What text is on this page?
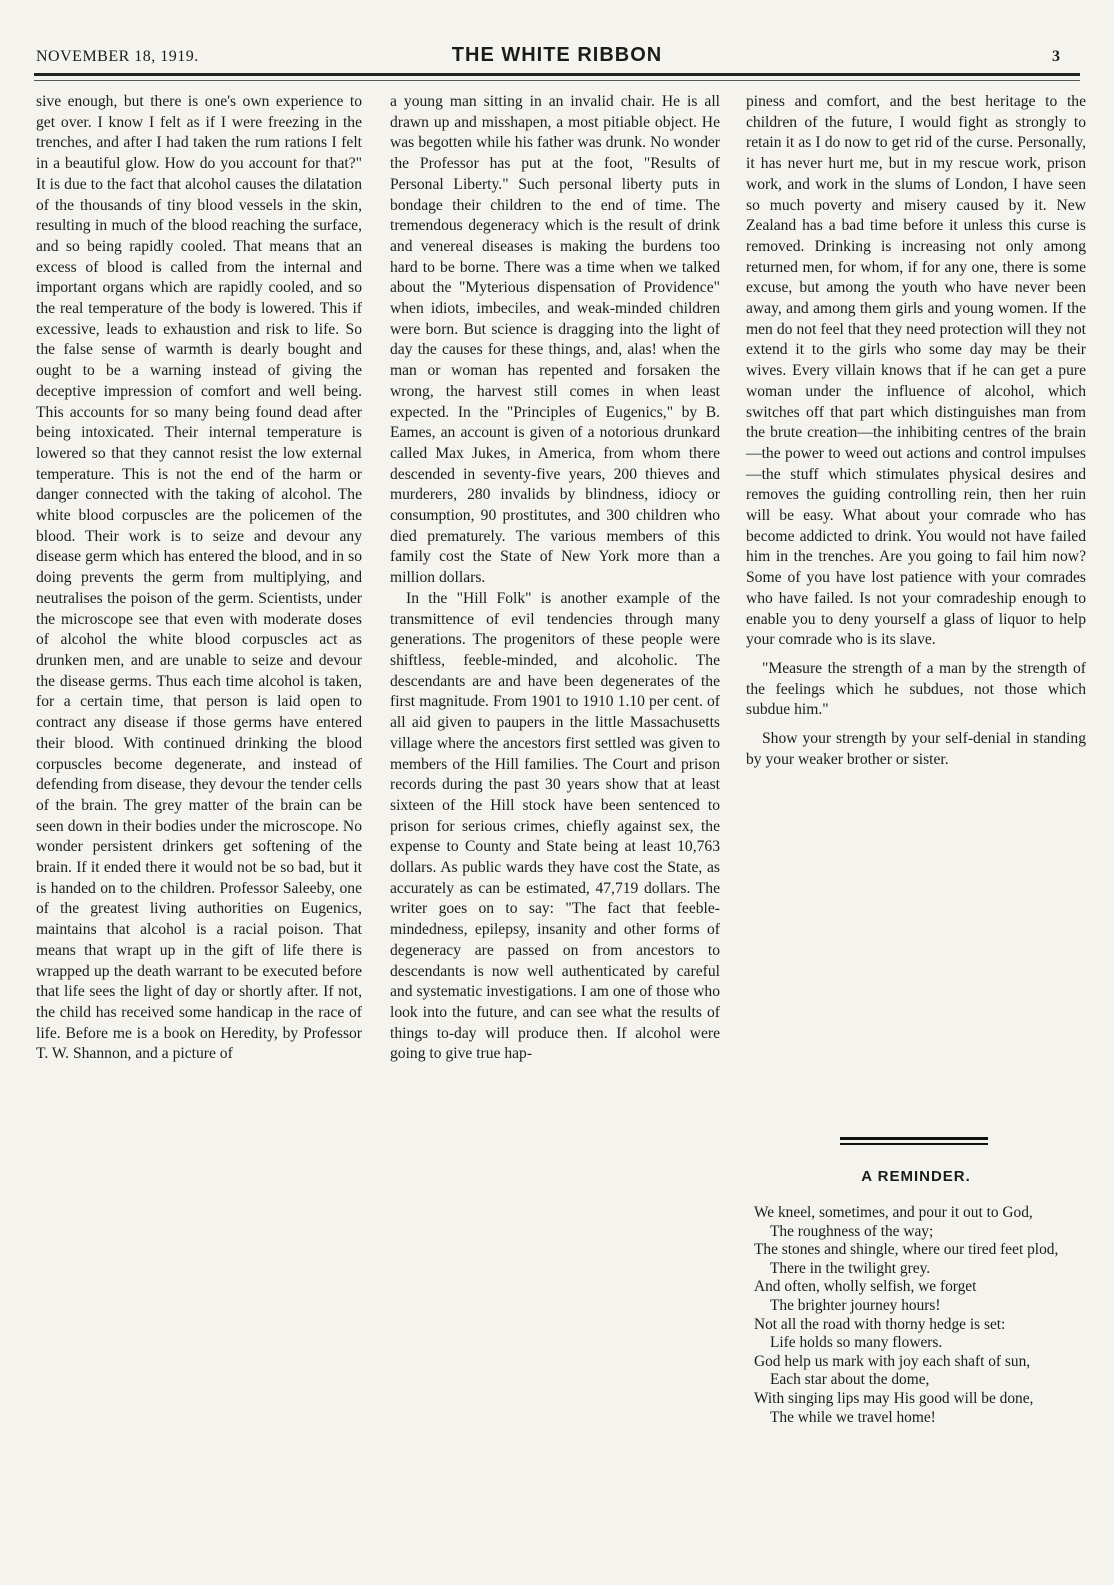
NOVEMBER 18, 1919.	THE WHITE RIBBON	3

sive enough, but there is one's own experience to get over. I know I felt as if I were freezing in the trenches, and after I had taken the rum rations I felt in a beautiful glow. How do you account for that?" It is due to the fact that alcohol causes the dilatation of the thousands of tiny blood vessels in the skin, resulting in much of the blood reaching the surface, and so being rapidly cooled. That means that an excess of blood is called from the internal and important organs which are rapidly cooled, and so the real temperature of the body is lowered. This if excessive, leads to exhaustion and risk to life. So the false sense of warmth is dearly bought and ought to be a warning instead of giving the deceptive impression of comfort and well being. This accounts for so many being found dead after being intoxicated. Their internal temperature is lowered so that they cannot resist the low external temperature. This is not the end of the harm or danger connected with the taking of alcohol. The white blood corpuscles are the policemen of the blood. Their work is to seize and devour any disease germ which has entered the blood, and in so doing prevents the germ from multiplying, and neutralises the poison of the germ. Scientists, under the microscope see that even with moderate doses of alcohol the white blood corpuscles act as drunken men, and are unable to seize and devour the disease germs. Thus each time alcohol is taken, for a certain time, that person is laid open to contract any disease if those germs have entered their blood. With continued drinking the blood corpuscles become degenerate, and instead of defending from disease, they devour the tender cells of the brain. The grey matter of the brain can be seen down in their bodies under the microscope. No wonder persistent drinkers get softening of the brain. If it ended there it would not be so bad, but it is handed on to the children. Professor Saleeby, one of the greatest living authorities on Eugenics, maintains that alcohol is a racial poison. That means that wrapt up in the gift of life there is wrapped up the death warrant to be executed before that life sees the light of day or shortly after. If not, the child has received some handicap in the race of life. Before me is a book on Heredity, by Professor T. W. Shannon, and a picture of

a young man sitting in an invalid chair. He is all drawn up and misshapen, a most pitiable object. He was begotten while his father was drunk. No wonder the Professor has put at the foot, "Results of Personal Liberty." Such personal liberty puts in bondage their children to the end of time. The tremendous degeneracy which is the result of drink and venereal diseases is making the burdens too hard to be borne. There was a time when we talked about the "Myterious dispensation of Providence" when idiots, imbeciles, and weak-minded children were born. But science is dragging into the light of day the causes for these things, and, alas! when the man or woman has repented and forsaken the wrong, the harvest still comes in when least expected. In the "Principles of Eugenics," by B. Eames, an account is given of a notorious drunkard called Max Jukes, in America, from whom there descended in seventy-five years, 200 thieves and murderers, 280 invalids by blindness, idiocy or consumption, 90 prostitutes, and 300 children who died prematurely. The various members of this family cost the State of New York more than a million dollars.

In the "Hill Folk" is another example of the transmittence of evil tendencies through many generations. The progenitors of these people were shiftless, feeble-minded, and alcoholic. The descendants are and have been degenerates of the first magnitude. From 1901 to 1910 1.10 per cent. of all aid given to paupers in the little Massachusetts village where the ancestors first settled was given to members of the Hill families. The Court and prison records during the past 30 years show that at least sixteen of the Hill stock have been sentenced to prison for serious crimes, chiefly against sex, the expense to County and State being at least 10,763 dollars. As public wards they have cost the State, as accurately as can be estimated, 47,719 dollars. The writer goes on to say: "The fact that feeble-mindedness, epilepsy, insanity and other forms of degeneracy are passed on from ancestors to descendants is now well authenticated by careful and systematic investigations. I am one of those who look into the future, and can see what the results of things to-day will produce then. If alcohol were going to give true hap-

piness and comfort, and the best heritage to the children of the future, I would fight as strongly to retain it as I do now to get rid of the curse. Personally, it has never hurt me, but in my rescue work, prison work, and work in the slums of London, I have seen so much poverty and misery caused by it. New Zealand has a bad time before it unless this curse is removed. Drinking is increasing not only among returned men, for whom, if for any one, there is some excuse, but among the youth who have never been away, and among them girls and young women. If the men do not feel that they need protection will they not extend it to the girls who some day may be their wives. Every villain knows that if he can get a pure woman under the influence of alcohol, which switches off that part which distinguishes man from the brute creation—the inhibiting centres of the brain—the power to weed out actions and control impulses—the stuff which stimulates physical desires and removes the guiding controlling rein, then her ruin will be easy. What about your comrade who has become addicted to drink. You would not have failed him in the trenches. Are you going to fail him now? Some of you have lost patience with your comrades who have failed. Is not your comradeship enough to enable you to deny yourself a glass of liquor to help your comrade who is its slave.

"Measure the strength of a man by the strength of the feelings which he subdues, not those which subdue him."

Show your strength by your self-denial in standing by your weaker brother or sister.

A REMINDER.
We kneel, sometimes, and pour it out to God,
The roughness of the way;
The stones and shingle, where our tired feet plod,
There in the twilight grey.
And often, wholly selfish, we forget
The brighter journey hours!
Not all the road with thorny hedge is set:
Life holds so many flowers.
God help us mark with joy each shaft of sun,
Each star about the dome,
With singing lips may His good will be done,
The while we travel home!
